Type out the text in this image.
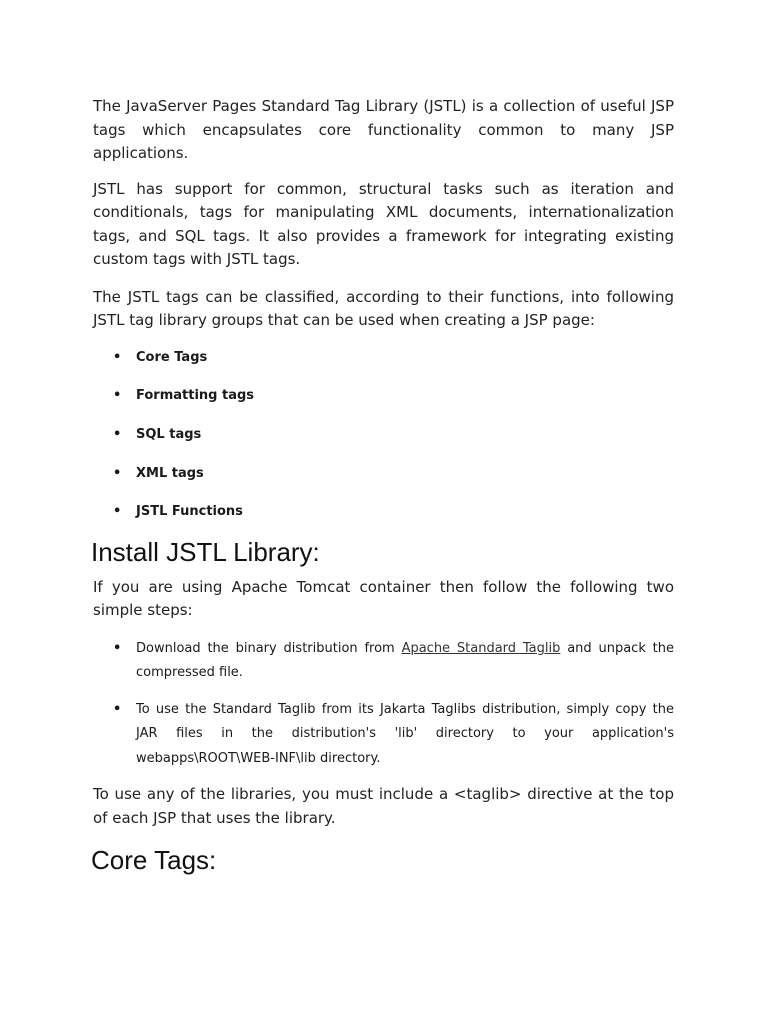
The JavaServer Pages Standard Tag Library (JSTL) is a collection of useful JSP tags which encapsulates core functionality common to many JSP applications.

JSTL has support for common, structural tasks such as iteration and conditionals, tags for manipulating XML documents, internationalization tags, and SQL tags. It also provides a framework for integrating existing custom tags with JSTL tags.

The JSTL tags can be classified, according to their functions, into following JSTL tag library groups that can be used when creating a JSP page:

• Core Tags
• Formatting tags
• SQL tags
• XML tags
• JSTL Functions
Install JSTL Library:

If you are using Apache Tomcat container then follow the following two simple steps:

• Download the binary distribution from Apache Standard Taglib and unpack the compressed file.
• To use the Standard Taglib from its Jakarta Taglibs distribution, simply copy the JAR files in the distribution's 'lib' directory to your application's webapps\ROOT\WEB-INF\lib directory.

To use any of the libraries, you must include a <taglib> directive at the top of each JSP that uses the library.

Core Tags:
